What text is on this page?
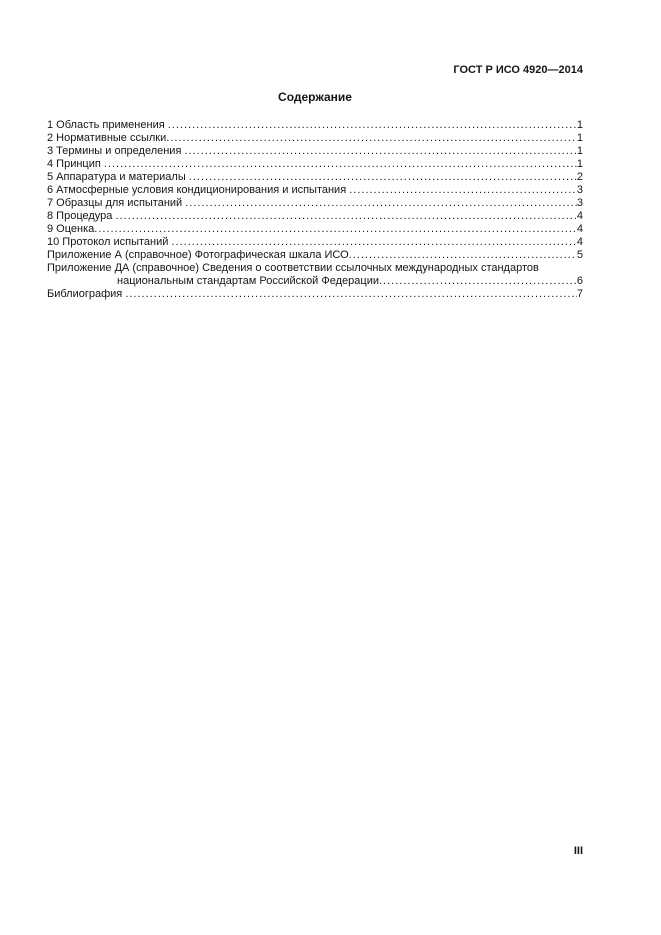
ГОСТ Р ИСО 4920—2014
Содержание
1 Область применения .....	1
2 Нормативные ссылки .....	1
3 Термины и определения .....	1
4 Принцип .....	1
5 Аппаратура и материалы .....	2
6 Атмосферные условия кондиционирования и испытания .....	3
7 Образцы для испытаний .....	3
8 Процедура .....	4
9 Оценка .....	4
10 Протокол испытаний .....	4
Приложение А (справочное) Фотографическая шкала ИСО .....	5
Приложение ДА (справочное) Сведения о соответствии ссылочных международных стандартов
национальным стандартам Российской Федерации .....	6
Библиография .....	7
III
